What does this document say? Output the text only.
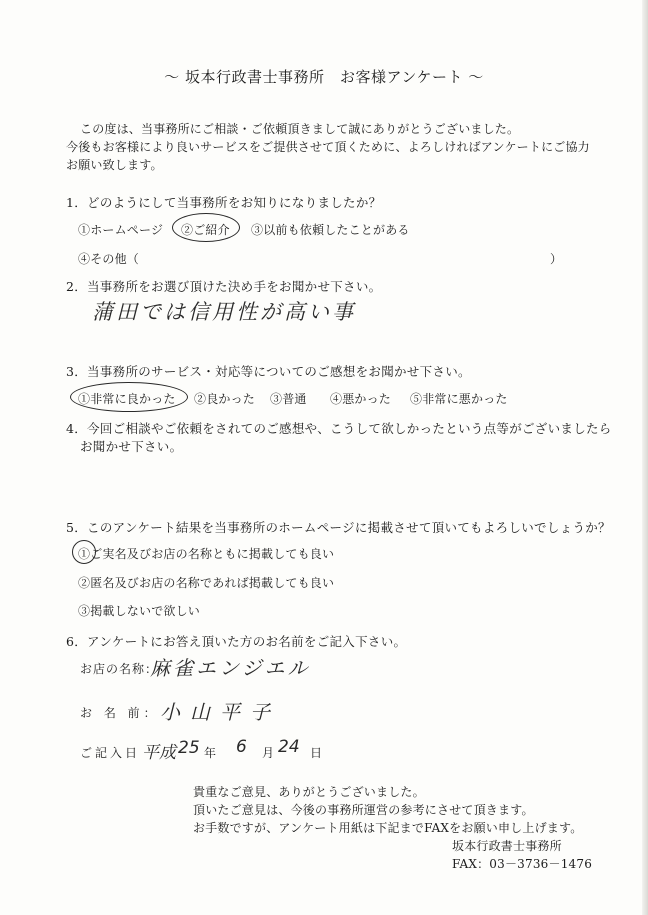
～ 坂本行政書士事務所　お客様アンケート ～
この度は、当事務所にご相談・ご依頼頂きまして誠にありがとうございました。
今後もお客様により良いサービスをご提供させて頂くために、よろしければアンケートにご協力
お願い致します。
1．どのようにして当事務所をお知りになりましたか？
①ホームページ ②ご紹介 ③以前も依頼したことがある
④その他（	）
2．当事務所をお選び頂けた決め手をお聞かせ下さい。
蒲田では信用性が高い事
3．当事務所のサービス・対応等についてのご感想をお聞かせ下さい。
①非常に良かった ②良かった ③普通 ④悪かった ⑤非常に悪かった
4．今回ご相談やご依頼をされてのご感想や、こうして欲しかったという点等がございましたら
お聞かせ下さい。
5．このアンケート結果を当事務所のホームページに掲載させて頂いてもよろしいでしょうか？
①ご実名及びお店の名称ともに掲載しても良い
②匿名及びお店の名称であれば掲載しても良い
③掲載しないで欲しい
6．アンケートにお答え頂いた方のお名前をご記入下さい。
お店の名称：
麻雀エンジエル
お 名 前： 小山平子
ご記入日 平成 25 年 6 月 24 日
貴重なご意見、ありがとうございました。
頂いたご意見は、今後の事務所運営の参考にさせて頂きます。
お手数ですが、アンケート用紙は下記までFAXをお願い申し上げます。
坂本行政書士事務所
FAX：03－3736－1476
